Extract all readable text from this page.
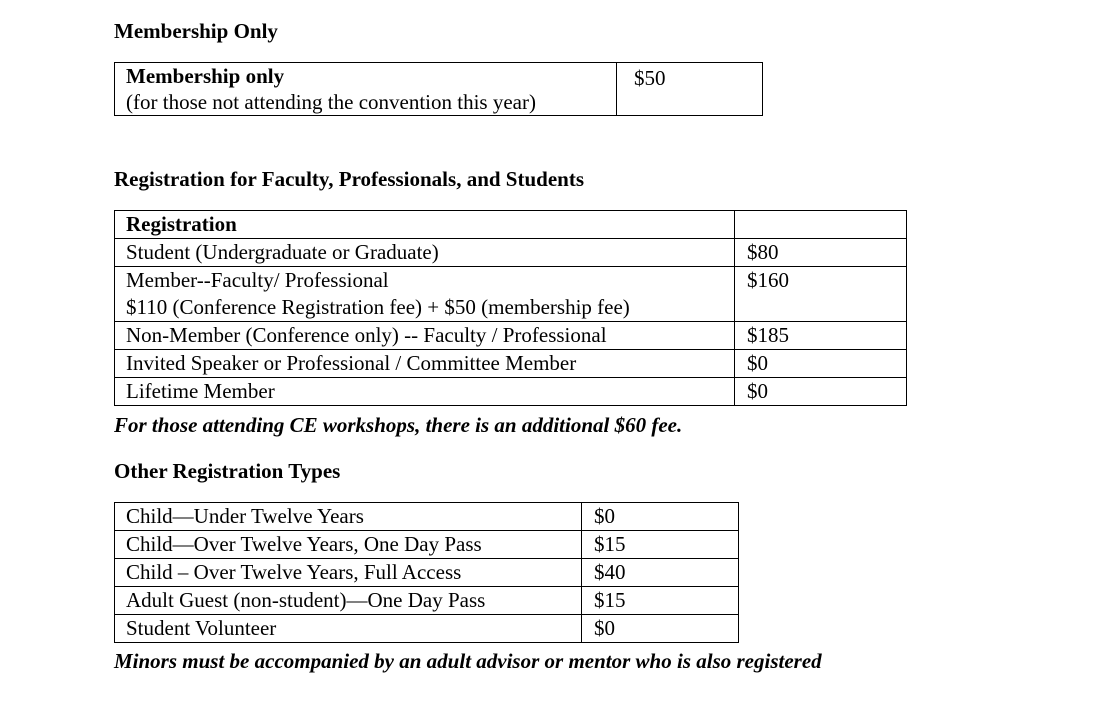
Membership Only

Membership only
(for those not attending the convention this year)
	$50

Registration for Faculty, Professionals, and Students

Registration	
Student (Undergraduate or Graduate)	$80

Member--Faculty/ Professional
$110 (Conference Registration fee) + $50 (membership fee)	$160
Non-Member (Conference only) -- Faculty / Professional	$185
Invited Speaker or Professional / Committee Member	$0
Lifetime Member	$0

For those attending CE workshops, there is an additional $60 fee.

Other Registration Types

Child—Under Twelve Years	$0
Child—Over Twelve Years, One Day Pass	$15
Child – Over Twelve Years, Full Access	$40
Adult Guest (non-student)—One Day Pass	$15
Student Volunteer	$0

Minors must be accompanied by an adult advisor or mentor who is also registered
